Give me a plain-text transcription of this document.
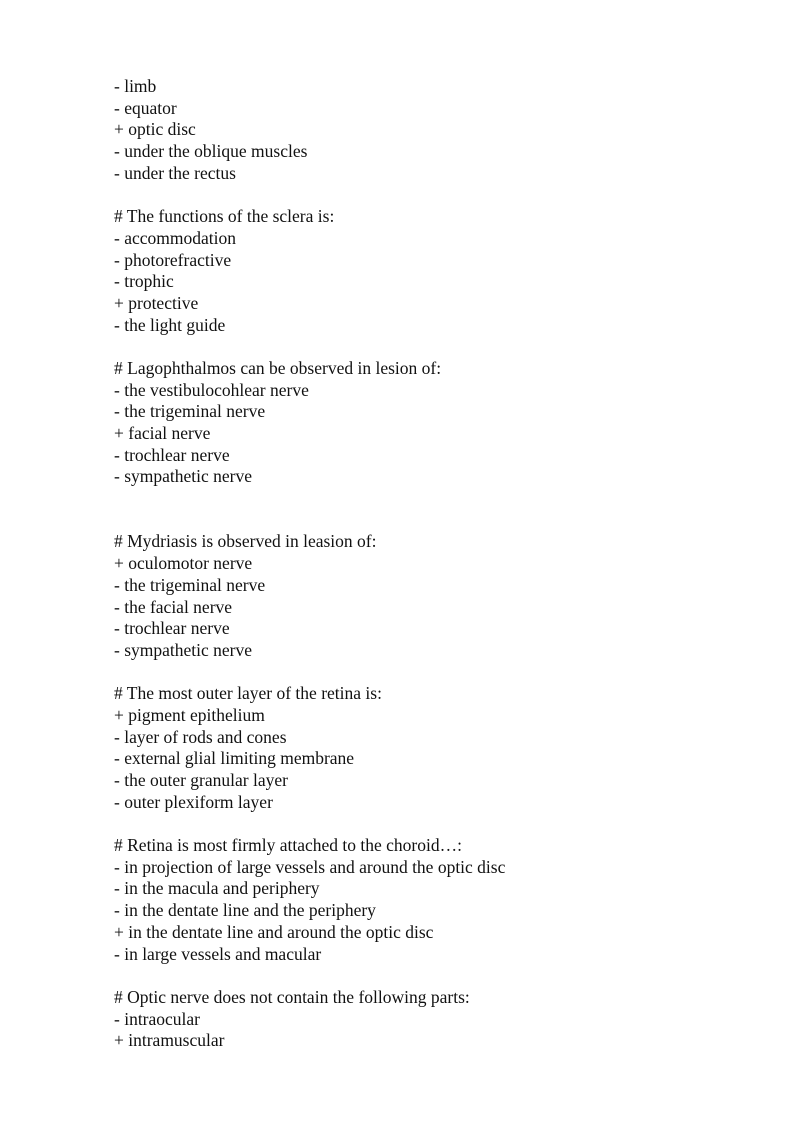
- limb
- equator
+ optic disc
- under the oblique muscles
- under the rectus
# The functions of the sclera is:
- accommodation
- photorefractive
- trophic
+ protective
- the light guide
# Lagophthalmos can be observed in lesion of:
- the vestibulocohlear nerve
- the trigeminal nerve
+ facial nerve
- trochlear nerve
- sympathetic nerve
# Mydriasis is observed in leasion of:
+ oculomotor nerve
- the trigeminal nerve
- the facial nerve
- trochlear nerve
- sympathetic nerve
# The most outer layer of the retina is:
+ pigment epithelium
- layer of rods and cones
- external glial limiting membrane
- the outer granular layer
- outer plexiform layer
# Retina is most firmly attached to the choroid…:
- in projection of large vessels and around the optic disc
- in the macula and periphery
- in the dentate line and the periphery
+ in the dentate line and around the optic disc
- in large vessels and macular
# Optic nerve does not contain the following parts:
- intraocular
+ intramuscular
